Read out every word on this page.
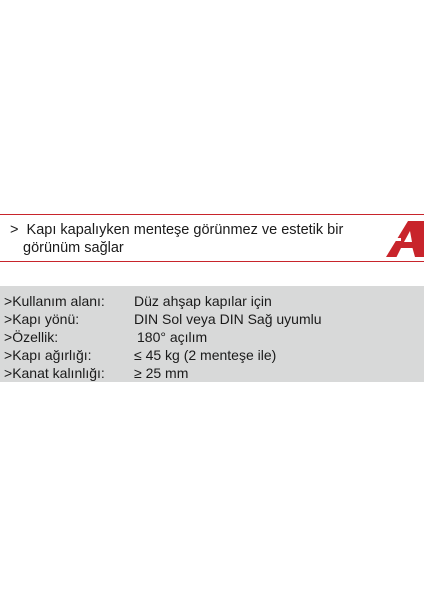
> Kapı kapalıyken menteşe görünmez ve estetik bir
görünüm sağlar
>Kullanım alanı: Düz ahşap kapılar için
>Kapı yönü:	DIN Sol veya DIN Sağ uyumlu
>Özellik:	180° açılım
>Kapı ağırlığı:	≤ 45 kg (2 menteşe ile)
>Kanat kalınlığı: ≥ 25 mm
